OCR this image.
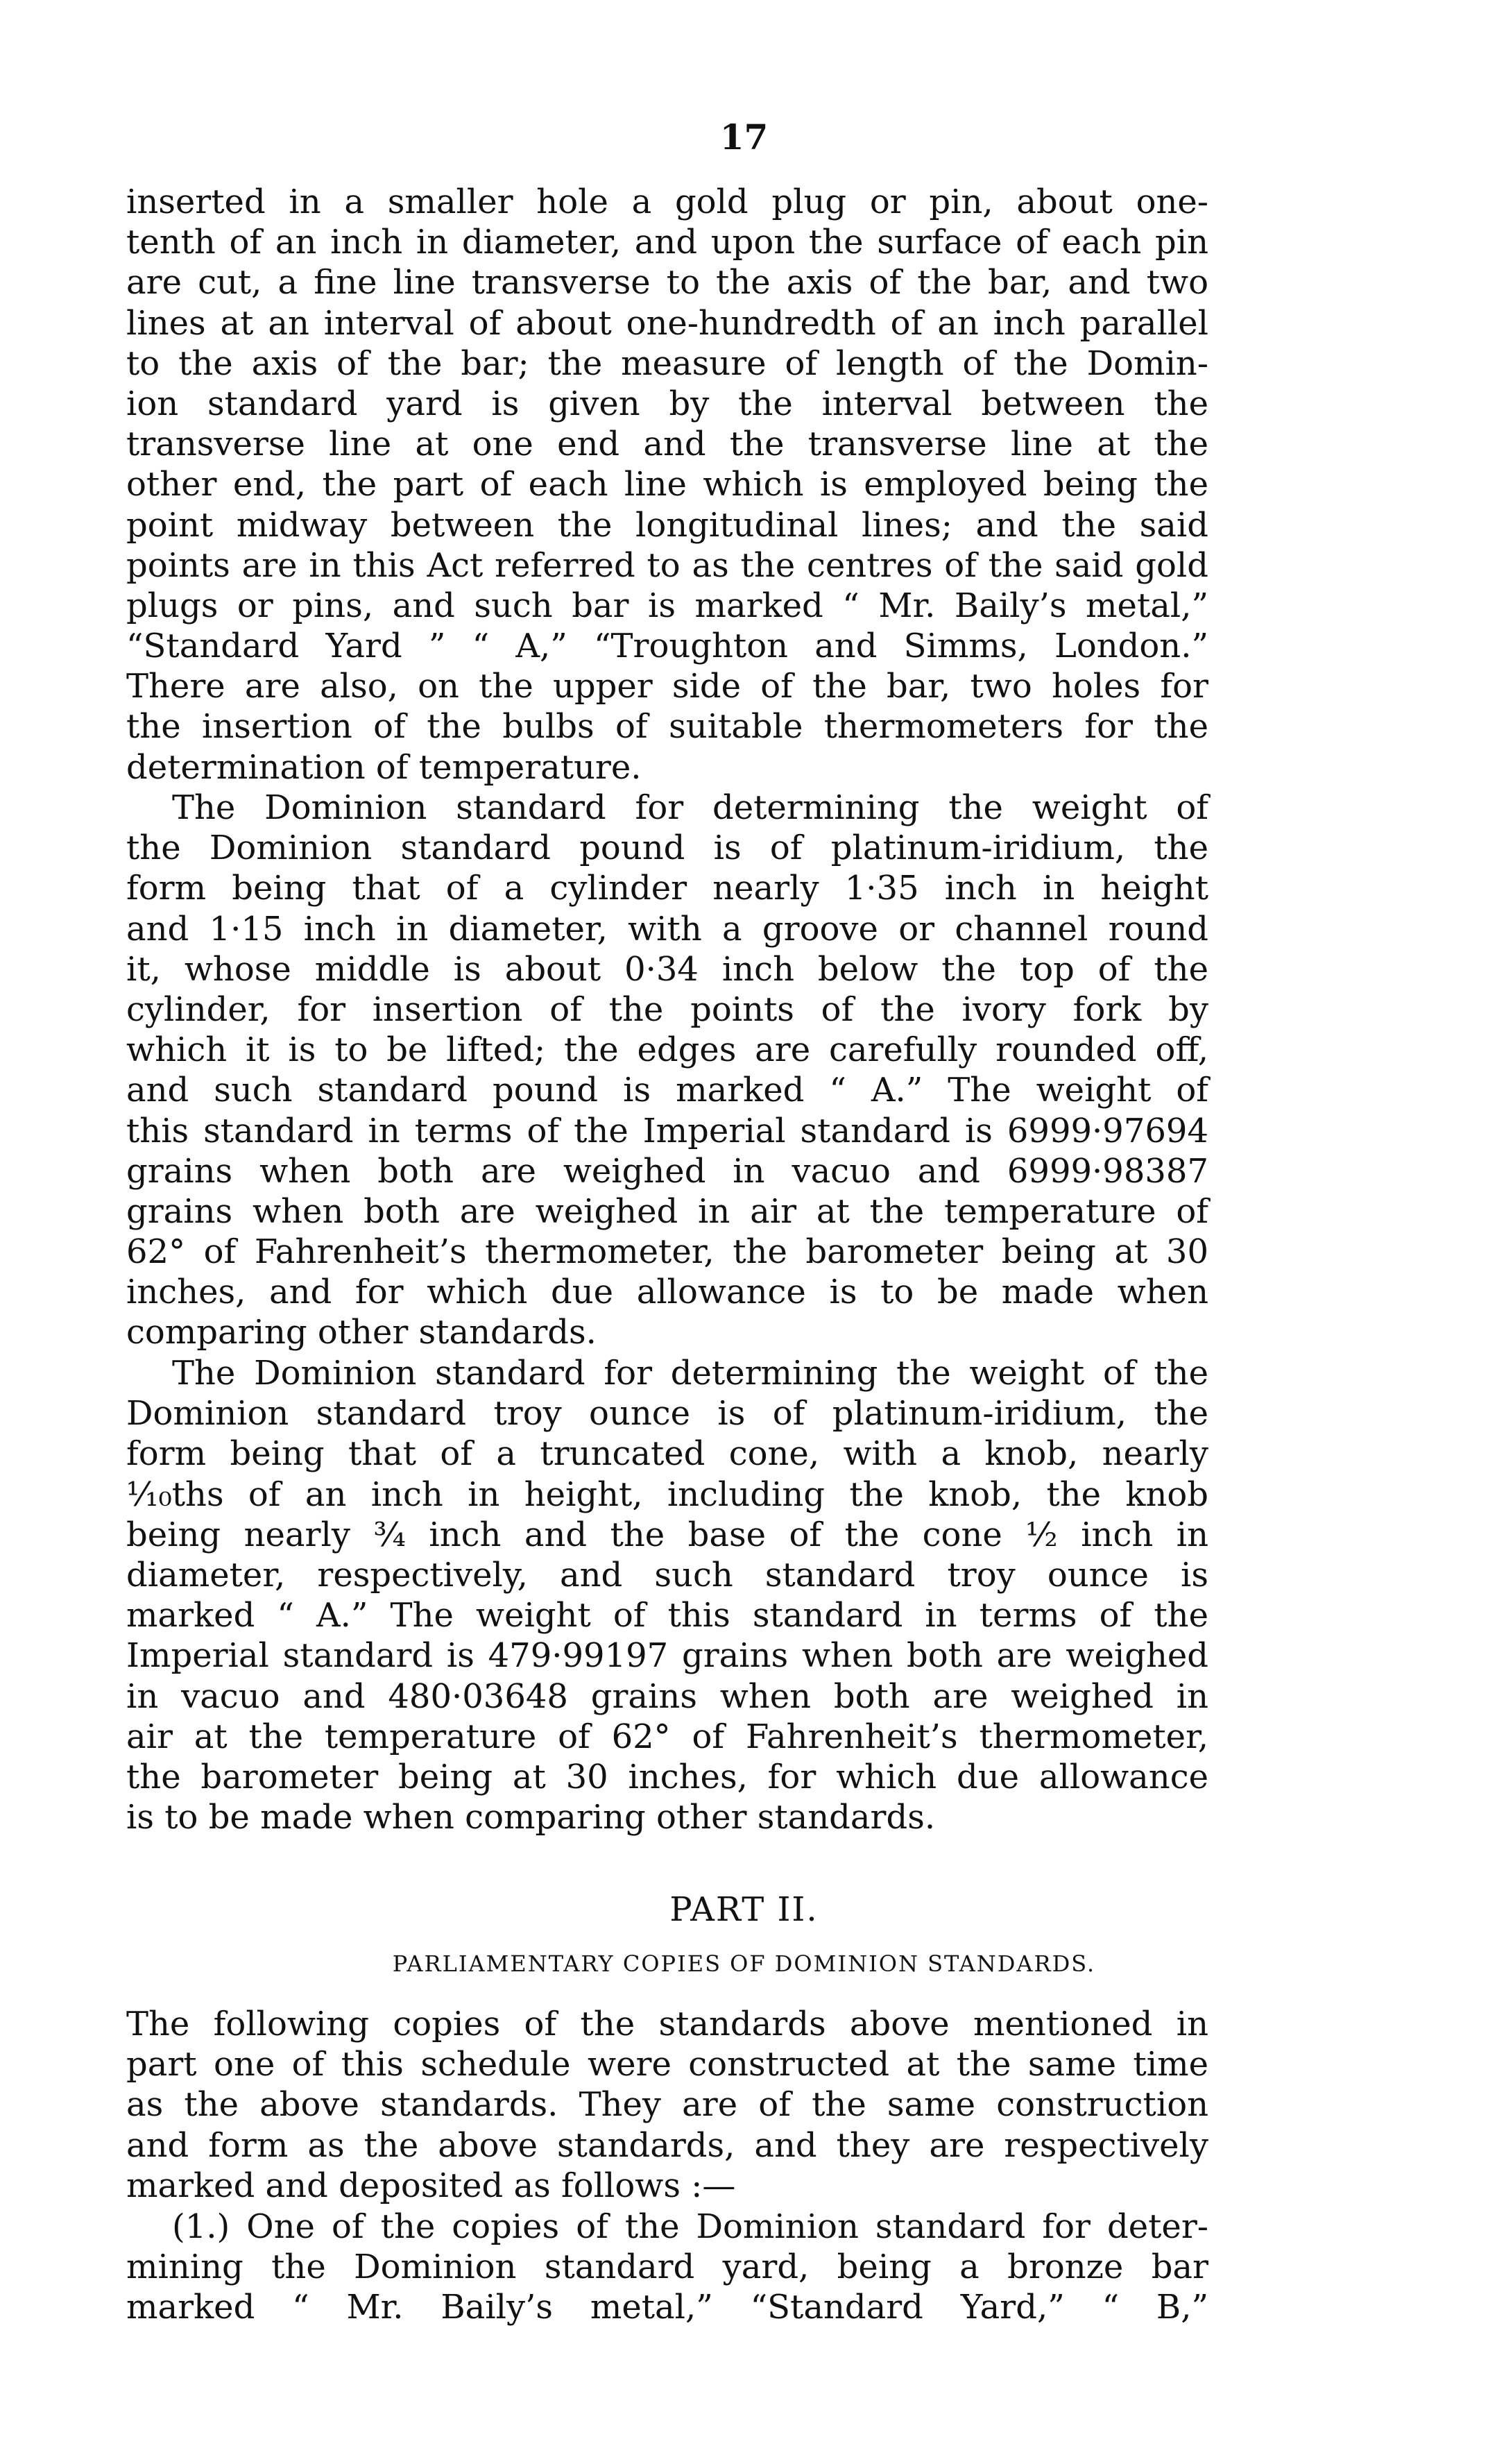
17
inserted in a smaller hole a gold plug or pin, about one-
tenth of an inch in diameter, and upon the surface of each pin
are cut, a fine line transverse to the axis of the bar, and two
lines at an interval of about one-hundredth of an inch parallel
to the axis of the bar; the measure of length of the Domin-
ion standard yard is given by the interval between the
transverse line at one end and the transverse line at the
other end, the part of each line which is employed being the
point midway between the longitudinal lines; and the said
points are in this Act referred to as the centres of the said gold
plugs or pins, and such bar is marked “ Mr. Baily’s metal,”
“Standard Yard ” “ A,” “Troughton and Simms, London.”
There are also, on the upper side of the bar, two holes for
the insertion of the bulbs of suitable thermometers for the
determination of temperature.
The Dominion standard for determining the weight of
the Dominion standard pound is of platinum-iridium, the
form being that of a cylinder nearly 1·35 inch in height
and 1·15 inch in diameter, with a groove or channel round
it, whose middle is about 0·34 inch below the top of the
cylinder, for insertion of the points of the ivory fork by
which it is to be lifted; the edges are carefully rounded off,
and such standard pound is marked “ A.” The weight of
this standard in terms of the Imperial standard is 6999·97694
grains when both are weighed in vacuo and 6999·98387
grains when both are weighed in air at the temperature of
62° of Fahrenheit’s thermometer, the barometer being at 30
inches, and for which due allowance is to be made when
comparing other standards.
The Dominion standard for determining the weight of the
Dominion standard troy ounce is of platinum-iridium, the
form being that of a truncated cone, with a knob, nearly
¹⁄₁₀ths of an inch in height, including the knob, the knob
being nearly ¾ inch and the base of the cone ½ inch in
diameter, respectively, and such standard troy ounce is
marked “ A.” The weight of this standard in terms of the
Imperial standard is 479·99197 grains when both are weighed
in vacuo and 480·03648 grains when both are weighed in
air at the temperature of 62° of Fahrenheit’s thermometer,
the barometer being at 30 inches, for which due allowance
is to be made when comparing other standards.
PART II.
PARLIAMENTARY COPIES OF DOMINION STANDARDS.
The following copies of the standards above mentioned in
part one of this schedule were constructed at the same time
as the above standards. They are of the same construction
and form as the above standards, and they are respectively
marked and deposited as follows :—
(1.) One of the copies of the Dominion standard for deter-
mining the Dominion standard yard, being a bronze bar
marked “ Mr. Baily’s metal,” “Standard Yard,” “ B,”
